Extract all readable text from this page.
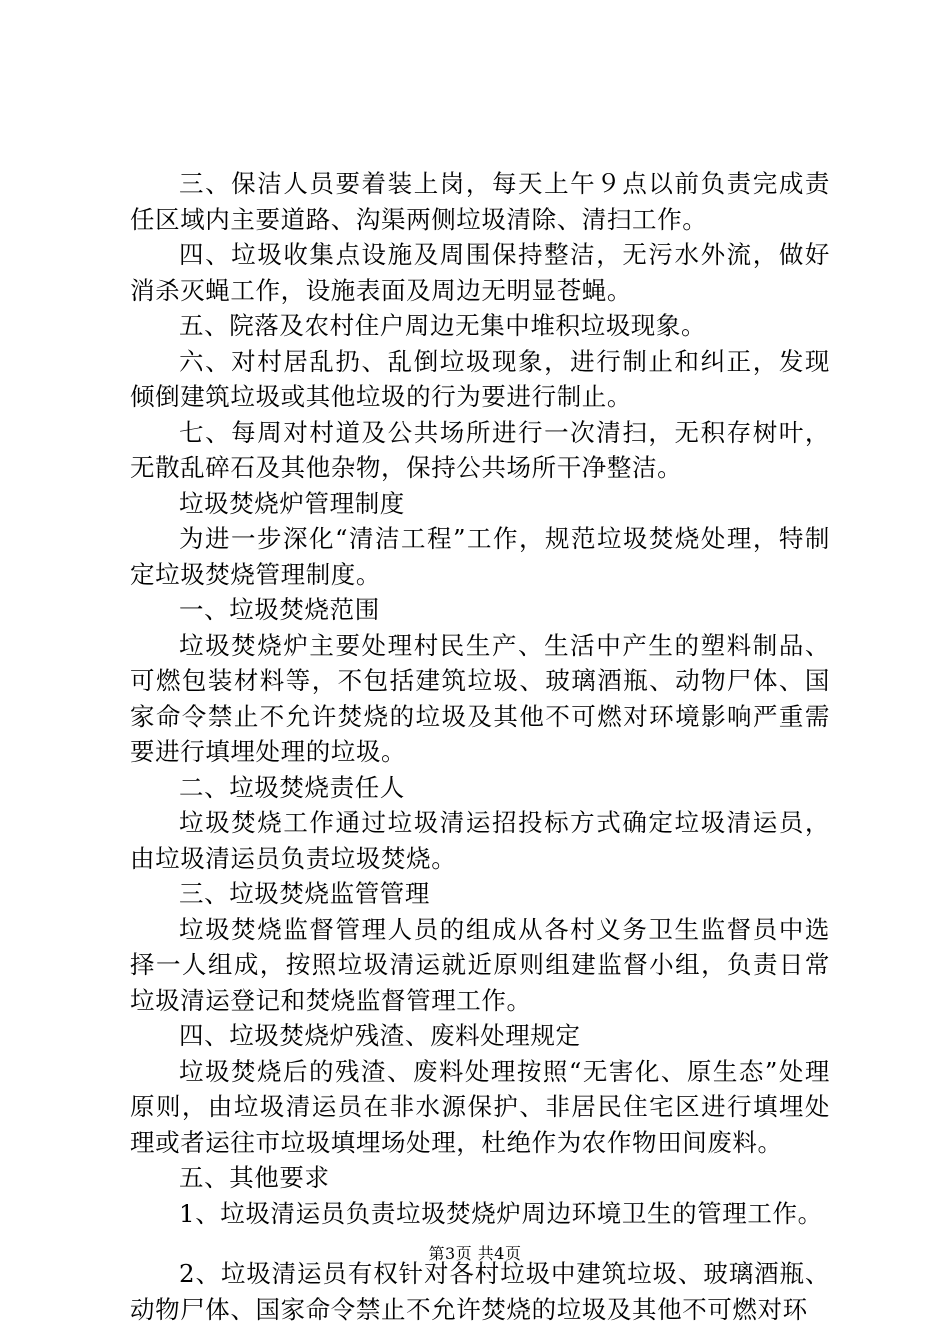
三、保洁人员要着装上岗，每天上午９点以前负责完成责任区域内主要道路、沟渠两侧垃圾清除、清扫工作。

四、垃圾收集点设施及周围保持整洁，无污水外流，做好消杀灭蝇工作，设施表面及周边无明显苍蝇。

五、院落及农村住户周边无集中堆积垃圾现象。

六、对村居乱扔、乱倒垃圾现象，进行制止和纠正，发现倾倒建筑垃圾或其他垃圾的行为要进行制止。

七、每周对村道及公共场所进行一次清扫，无积存树叶，无散乱碎石及其他杂物，保持公共场所干净整洁。

垃圾焚烧炉管理制度

为进一步深化“清洁工程”工作，规范垃圾焚烧处理，特制定垃圾焚烧管理制度。

一、垃圾焚烧范围

垃圾焚烧炉主要处理村民生产、生活中产生的塑料制品、可燃包装材料等，不包括建筑垃圾、玻璃酒瓶、动物尸体、国家命令禁止不允许焚烧的垃圾及其他不可燃对环境影响严重需要进行填埋处理的垃圾。

二、垃圾焚烧责任人

垃圾焚烧工作通过垃圾清运招投标方式确定垃圾清运员，由垃圾清运员负责垃圾焚烧。

三、垃圾焚烧监管管理

垃圾焚烧监督管理人员的组成从各村义务卫生监督员中选择一人组成，按照垃圾清运就近原则组建监督小组，负责日常垃圾清运登记和焚烧监督管理工作。

四、垃圾焚烧炉残渣、废料处理规定

垃圾焚烧后的残渣、废料处理按照“无害化、原生态”处理原则，由垃圾清运员在非水源保护、非居民住宅区进行填埋处理或者运往市垃圾填埋场处理，杜绝作为农作物田间废料。

五、其他要求

1、垃圾清运员负责垃圾焚烧炉周边环境卫生的管理工作。

2、垃圾清运员有权针对各村垃圾中建筑垃圾、玻璃酒瓶、动物尸体、国家命令禁止不允许焚烧的垃圾及其他不可燃对环

第3页 共4页
